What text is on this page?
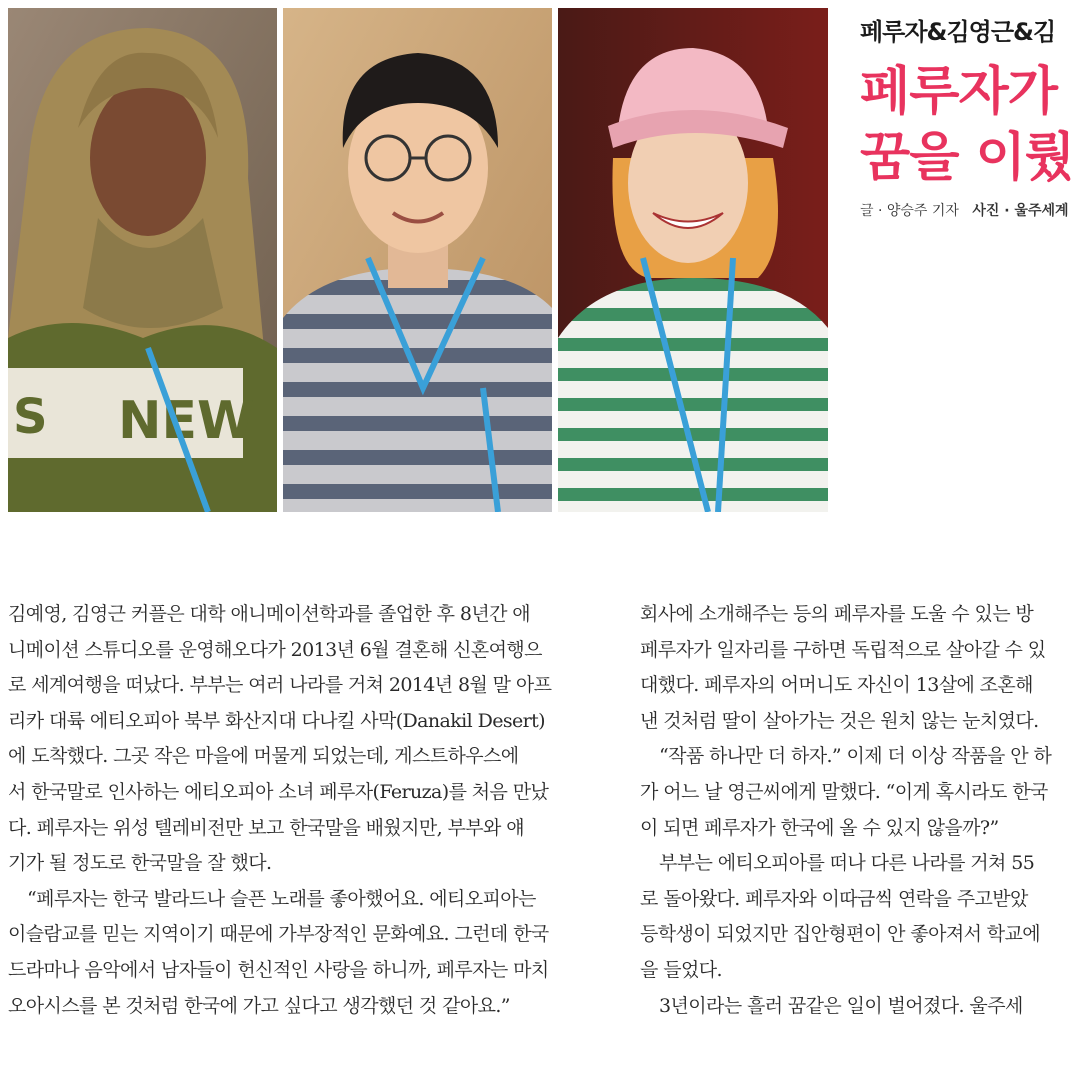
NEW
S
페루자&김영근&김
페루자가
꿈을 이뤘
글 · 양승주 기자 사진 · 울주세계
김예영, 김영근 커플은 대학 애니메이션학과를 졸업한 후 8년간 애
니메이션 스튜디오를 운영해오다가 2013년 6월 결혼해 신혼여행으
로 세계여행을 떠났다. 부부는 여러 나라를 거쳐 2014년 8월 말 아프
리카 대륙 에티오피아 북부 화산지대 다나킬 사막(Danakil Desert)
에 도착했다. 그곳 작은 마을에 머물게 되었는데, 게스트하우스에
서 한국말로 인사하는 에티오피아 소녀 페루자(Feruza)를 처음 만났
다. 페루자는 위성 텔레비전만 보고 한국말을 배웠지만, 부부와 얘
기가 될 정도로 한국말을 잘 했다.
“페루자는 한국 발라드나 슬픈 노래를 좋아했어요. 에티오피아는
이슬람교를 믿는 지역이기 때문에 가부장적인 문화예요. 그런데 한국
드라마나 음악에서 남자들이 헌신적인 사랑을 하니까, 페루자는 마치
오아시스를 본 것처럼 한국에 가고 싶다고 생각했던 것 같아요.”
회사에 소개해주는 등의 페루자를 도울 수 있는 방
페루자가 일자리를 구하면 독립적으로 살아갈 수 있
대했다. 페루자의 어머니도 자신이 13살에 조혼해
낸 것처럼 딸이 살아가는 것은 원치 않는 눈치였다.
“작품 하나만 더 하자.” 이제 더 이상 작품을 안 하
가 어느 날 영근씨에게 말했다. “이게 혹시라도 한국
이 되면 페루자가 한국에 올 수 있지 않을까?”
부부는 에티오피아를 떠나 다른 나라를 거쳐 55
로 돌아왔다. 페루자와 이따금씩 연락을 주고받았
등학생이 되었지만 집안형편이 안 좋아져서 학교에
을 들었다.
3년이라는 흘러 꿈같은 일이 벌어졌다. 울주세
